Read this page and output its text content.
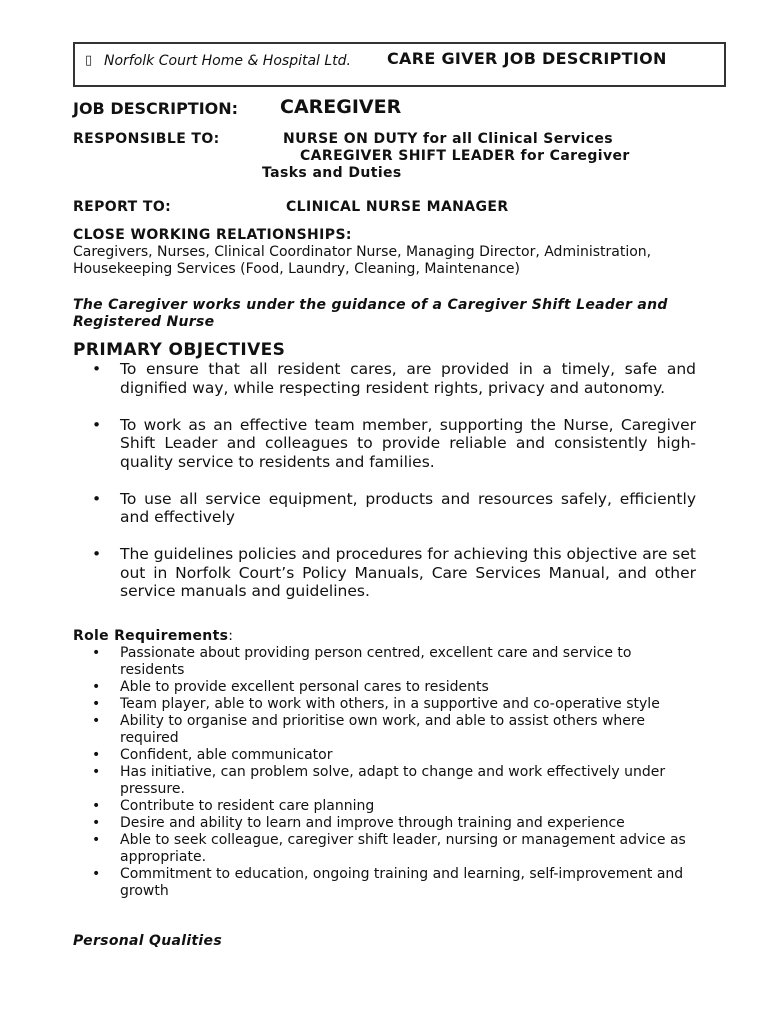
▯ Norfolk Court Home & Hospital Ltd. CARE GIVER JOB DESCRIPTION
JOB DESCRIPTION: CAREGIVER
RESPONSIBLE TO:	NURSE ON DUTY for all Clinical Services
CAREGIVER SHIFT LEADER for Caregiver
Tasks and Duties
REPORT TO:	CLINICAL NURSE MANAGER
CLOSE WORKING RELATIONSHIPS:
Caregivers, Nurses, Clinical Coordinator Nurse, Managing Director, Administration, Housekeeping Services (Food, Laundry, Cleaning, Maintenance)
The Caregiver works under the guidance of a Caregiver Shift Leader and Registered Nurse
PRIMARY OBJECTIVES
• To ensure that all resident cares, are provided in a timely, safe and dignified way, while respecting resident rights, privacy and autonomy.
• To work as an effective team member, supporting the Nurse, Caregiver Shift Leader and colleagues to provide reliable and consistently high-quality service to residents and families.
• To use all service equipment, products and resources safely, efficiently and effectively
• The guidelines policies and procedures for achieving this objective are set out in Norfolk Court’s Policy Manuals, Care Services Manual, and other service manuals and guidelines.
Role Requirements:
• Passionate about providing person centred, excellent care and service to residents
• Able to provide excellent personal cares to residents
• Team player, able to work with others, in a supportive and co-operative style
• Ability to organise and prioritise own work, and able to assist others where required
• Confident, able communicator
• Has initiative, can problem solve, adapt to change and work effectively under pressure.
• Contribute to resident care planning
• Desire and ability to learn and improve through training and experience
• Able to seek colleague, caregiver shift leader, nursing or management advice as appropriate.
• Commitment to education, ongoing training and learning, self-improvement and growth
Personal Qualities
